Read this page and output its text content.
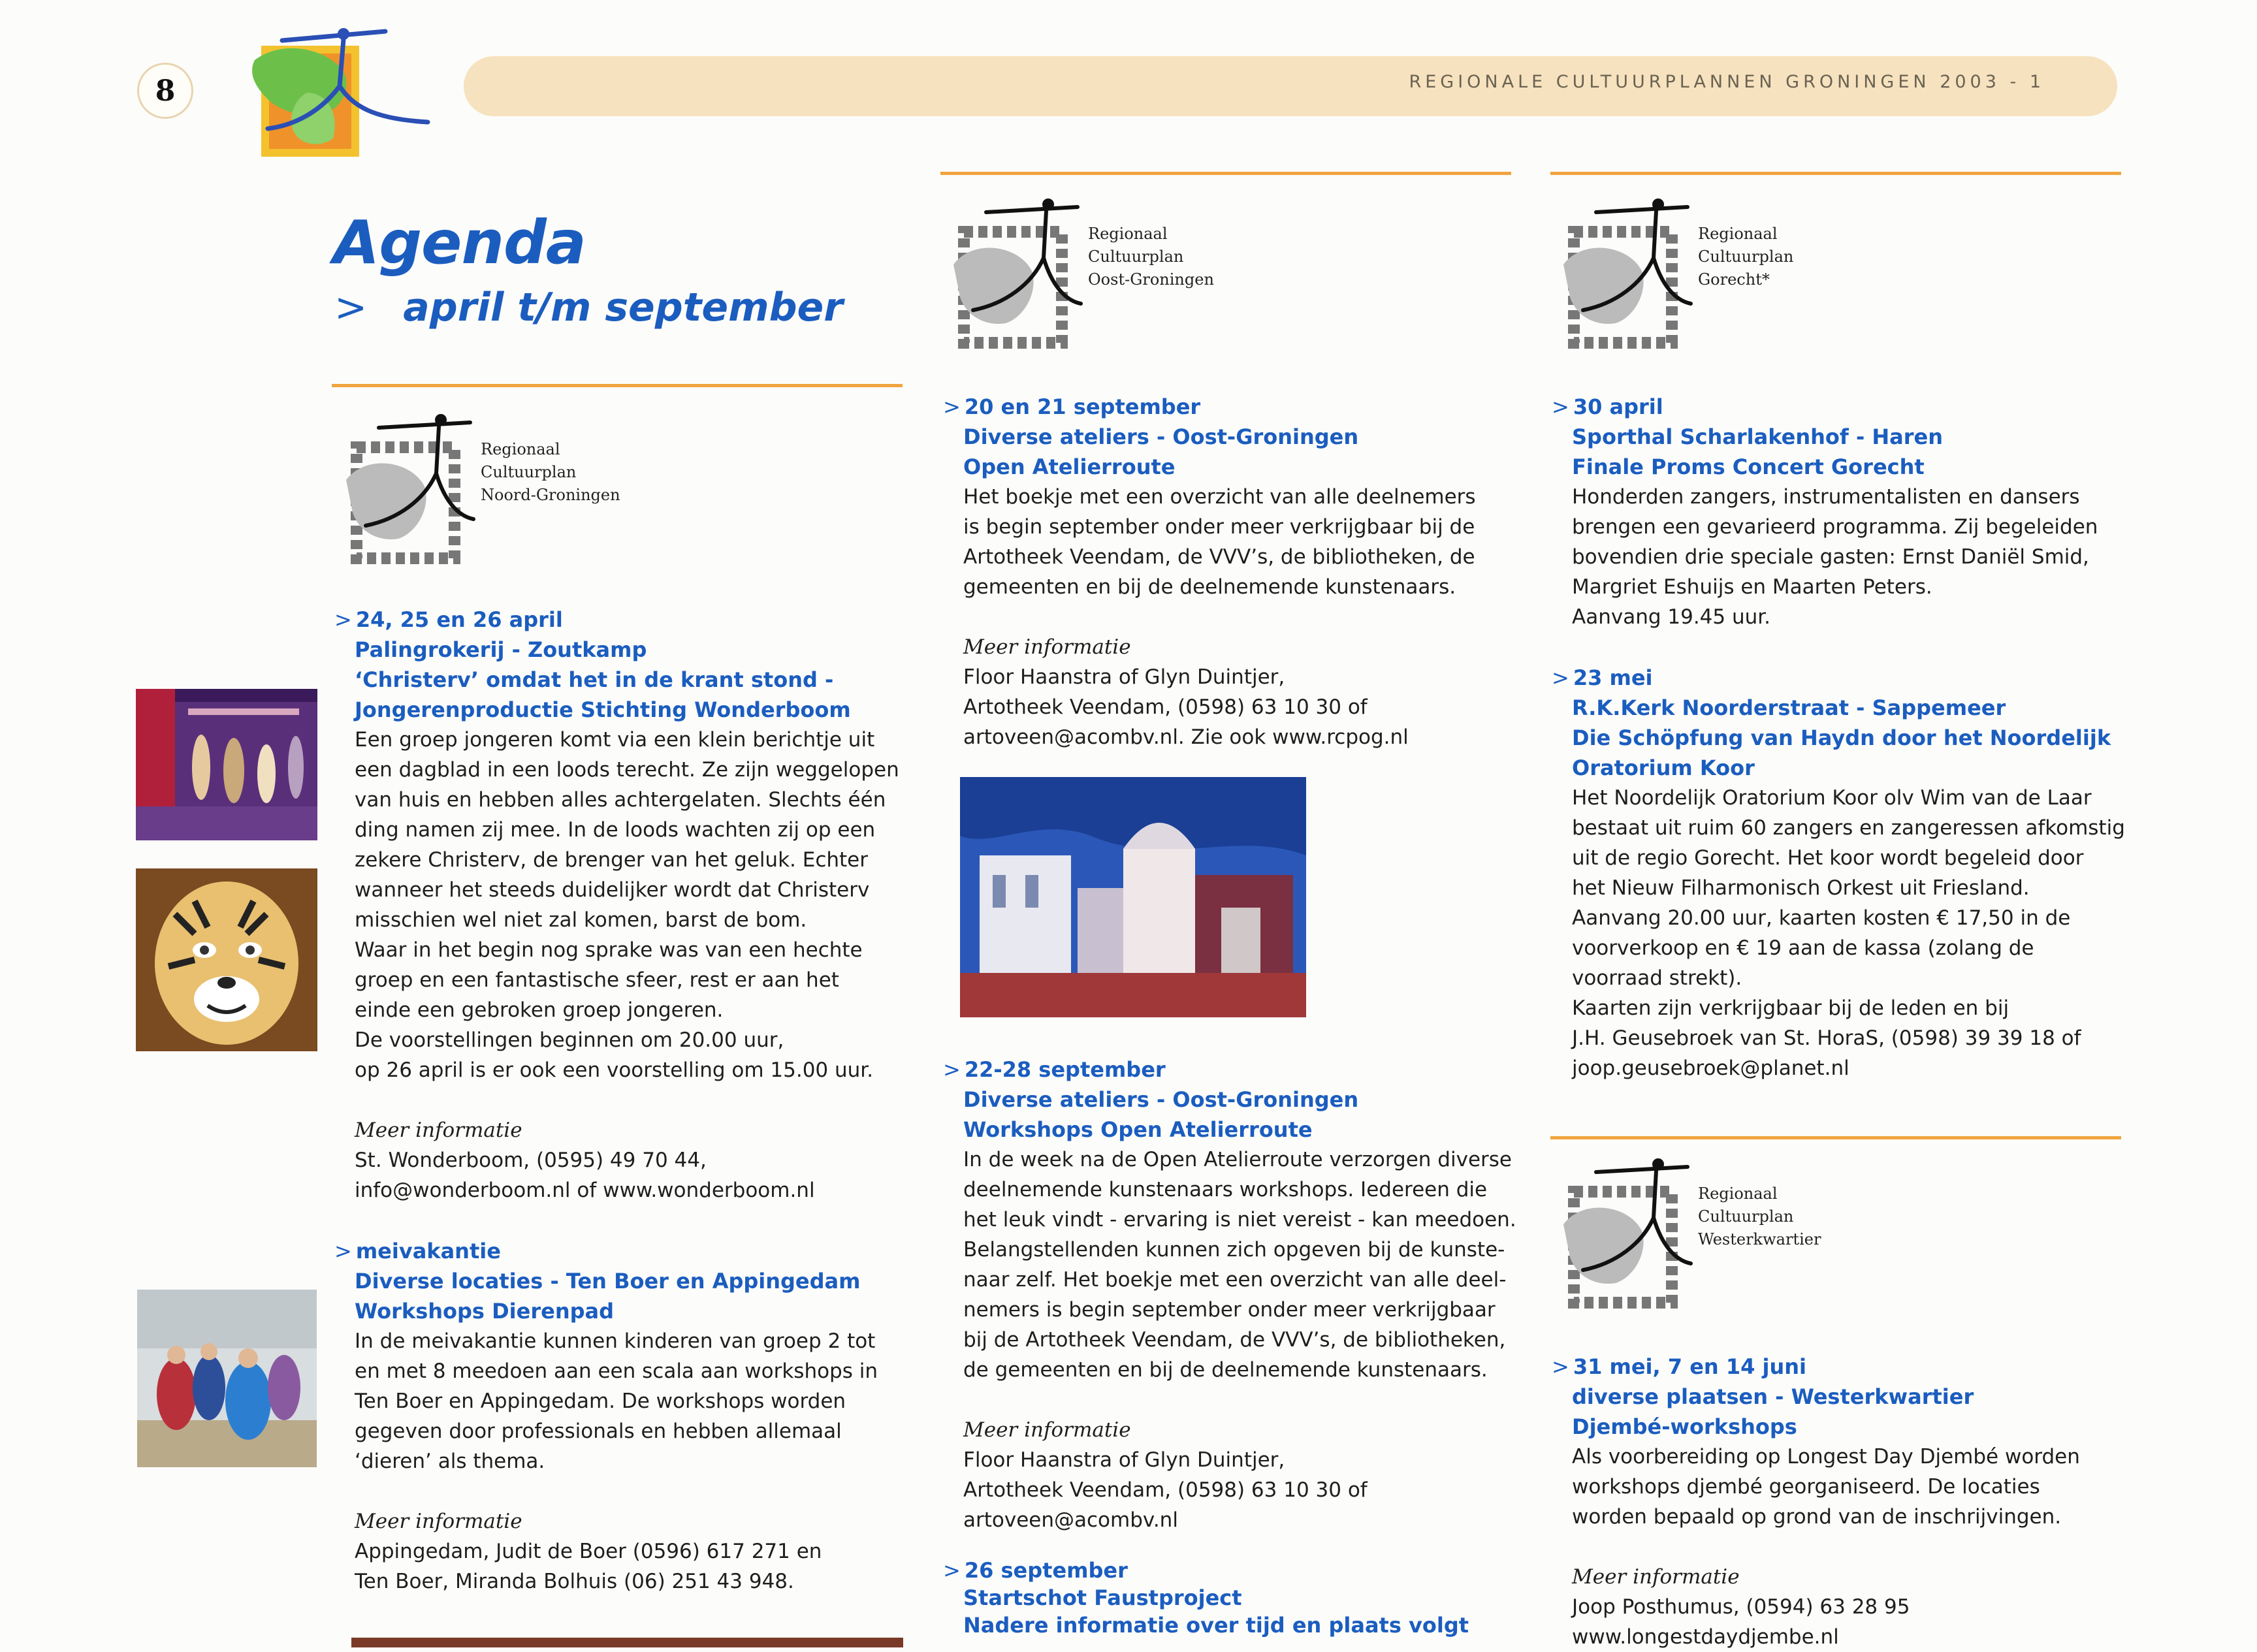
8	REGIONALE CULTUURPLANNEN GRONINGEN 2003 - 1
Agenda
> april t/m september
Regionaal
Cultuurplan
Noord-Groningen
Regionaal
Cultuurplan
Oost-Groningen
Regionaal
Cultuurplan
Gorecht*
Regionaal
Cultuurplan
Westerkwartier
> 24, 25 en 26 april
Palingrokerij - Zoutkamp
‘Christerv’ omdat het in de krant stond -
Jongerenproductie Stichting Wonderboom
Een groep jongeren komt via een klein berichtje uit
een dagblad in een loods terecht. Ze zijn weggelopen
van huis en hebben alles achtergelaten. Slechts één
ding namen zij mee. In de loods wachten zij op een
zekere Christerv, de brenger van het geluk. Echter
wanneer het steeds duidelijker wordt dat Christerv
misschien wel niet zal komen, barst de bom.
Waar in het begin nog sprake was van een hechte
groep en een fantastische sfeer, rest er aan het
einde een gebroken groep jongeren.
De voorstellingen beginnen om 20.00 uur,
op 26 april is er ook een voorstelling om 15.00 uur.
Meer informatie
St. Wonderboom, (0595) 49 70 44,
info@wonderboom.nl of www.wonderboom.nl
> meivakantie
Diverse locaties - Ten Boer en Appingedam
Workshops Dierenpad
In de meivakantie kunnen kinderen van groep 2 tot
en met 8 meedoen aan een scala aan workshops in
Ten Boer en Appingedam. De workshops worden
gegeven door professionals en hebben allemaal
‘dieren’ als thema.
Meer informatie
Appingedam, Judit de Boer (0596) 617 271 en
Ten Boer, Miranda Bolhuis (06) 251 43 948.
> 20 en 21 september
Diverse ateliers - Oost-Groningen
Open Atelierroute
Het boekje met een overzicht van alle deelnemers
is begin september onder meer verkrijgbaar bij de
Artotheek Veendam, de VVV’s, de bibliotheken, de
gemeenten en bij de deelnemende kunstenaars.
Meer informatie
Floor Haanstra of Glyn Duintjer,
Artotheek Veendam, (0598) 63 10 30 of
artoveen@acombv.nl. Zie ook www.rcpog.nl
> 22-28 september
Diverse ateliers - Oost-Groningen
Workshops Open Atelierroute
In de week na de Open Atelierroute verzorgen diverse
deelnemende kunstenaars workshops. Iedereen die
het leuk vindt - ervaring is niet vereist - kan meedoen.
Belangstellenden kunnen zich opgeven bij de kunste-
naar zelf. Het boekje met een overzicht van alle deel-
nemers is begin september onder meer verkrijgbaar
bij de Artotheek Veendam, de VVV’s, de bibliotheken,
de gemeenten en bij de deelnemende kunstenaars.
Meer informatie
Floor Haanstra of Glyn Duintjer,
Artotheek Veendam, (0598) 63 10 30 of
artoveen@acombv.nl
> 26 september
Startschot Faustproject
Nadere informatie over tijd en plaats volgt
> 30 april
Sporthal Scharlakenhof - Haren
Finale Proms Concert Gorecht
Honderden zangers, instrumentalisten en dansers
brengen een gevarieerd programma. Zij begeleiden
bovendien drie speciale gasten: Ernst Daniël Smid,
Margriet Eshuijs en Maarten Peters.
Aanvang 19.45 uur.
> 23 mei
R.K.Kerk Noorderstraat - Sappemeer
Die Schöpfung van Haydn door het Noordelijk
Oratorium Koor
Het Noordelijk Oratorium Koor olv Wim van de Laar
bestaat uit ruim 60 zangers en zangeressen afkomstig
uit de regio Gorecht. Het koor wordt begeleid door
het Nieuw Filharmonisch Orkest uit Friesland.
Aanvang 20.00 uur, kaarten kosten € 17,50 in de
voorverkoop en € 19 aan de kassa (zolang de
voorraad strekt).
Kaarten zijn verkrijgbaar bij de leden en bij
J.H. Geusebroek van St. HoraS, (0598) 39 39 18 of
joop.geusebroek@planet.nl
> 31 mei, 7 en 14 juni
diverse plaatsen - Westerkwartier
Djembé-workshops
Als voorbereiding op Longest Day Djembé worden
workshops djembé georganiseerd. De locaties
worden bepaald op grond van de inschrijvingen.
Meer informatie
Joop Posthumus, (0594) 63 28 95
www.longestdaydjembe.nl
